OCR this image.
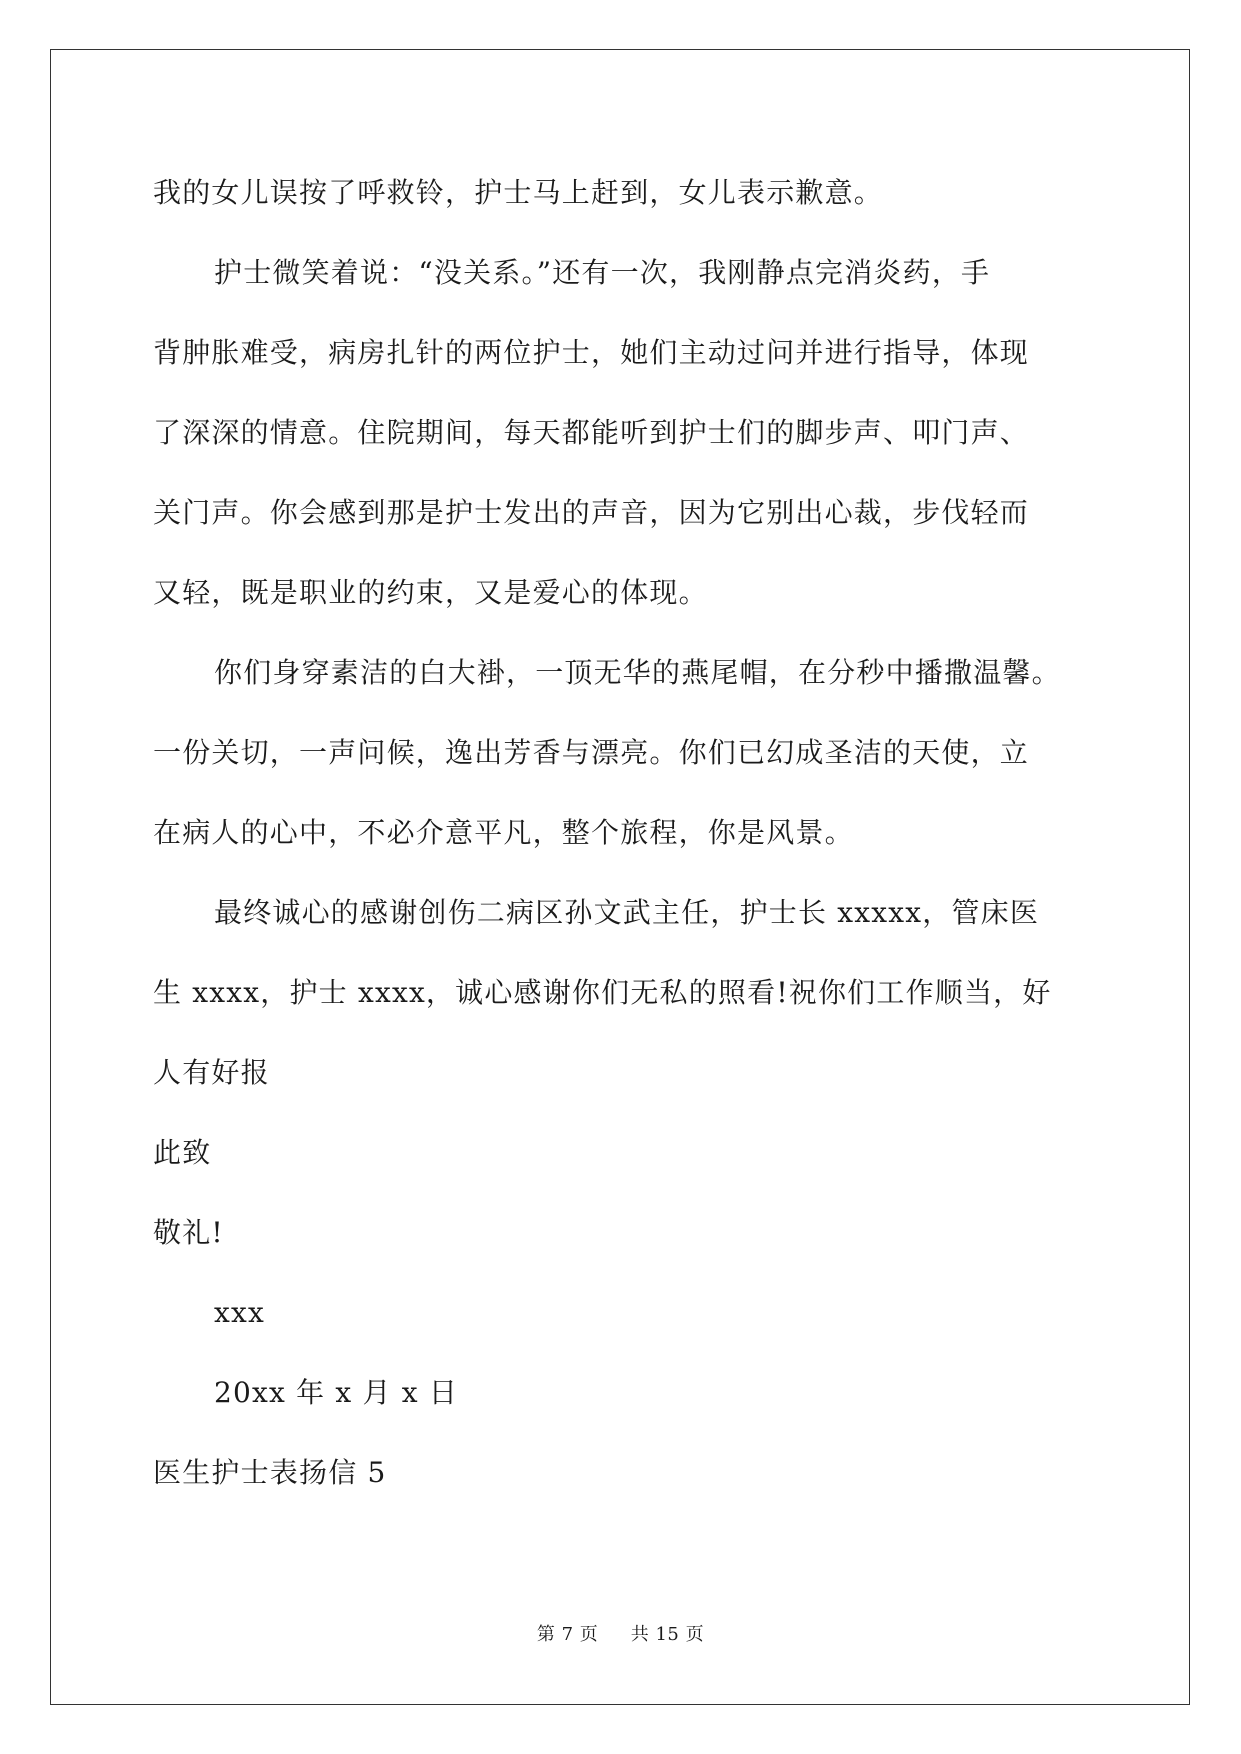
我的女儿误按了呼救铃，护士马上赶到，女儿表示歉意。
护士微笑着说：“没关系。”还有一次，我刚静点完消炎药，手
背肿胀难受，病房扎针的两位护士，她们主动过问并进行指导，体现
了深深的情意。住院期间，每天都能听到护士们的脚步声、叩门声、
关门声。你会感到那是护士发出的声音，因为它别出心裁，步伐轻而
又轻，既是职业的约束，又是爱心的体现。
你们身穿素洁的白大褂，一顶无华的燕尾帽，在分秒中播撒温馨。
一份关切，一声问候，逸出芳香与漂亮。你们已幻成圣洁的天使，立
在病人的心中，不必介意平凡，整个旅程，你是风景。
最终诚心的感谢创伤二病区孙文武主任，护士长 xxxxx，管床医
生 xxxx，护士 xxxx，诚心感谢你们无私的照看!祝你们工作顺当，好
人有好报
此致
敬礼!
xxx
20xx 年 x 月 x 日
医生护士表扬信 5
第 7 页 共 15 页
